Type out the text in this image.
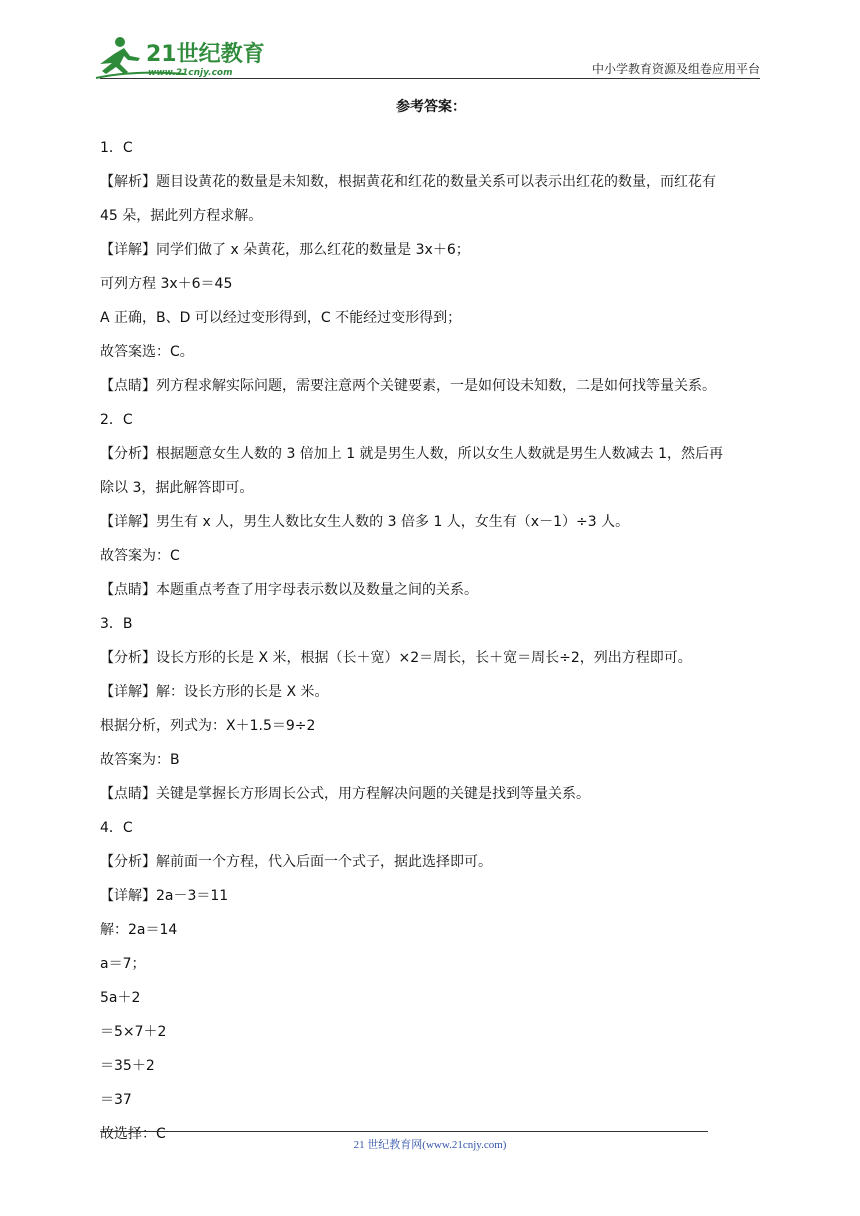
21世纪教育
www.21cnjy.com	中小学教育资源及组卷应用平台

参考答案：

1．C

【解析】题目设黄花的数量是未知数，根据黄花和红花的数量关系可以表示出红花的数量，而红花有

45 朵，据此列方程求解。

【详解】同学们做了 x 朵黄花，那么红花的数量是 3x＋6；

可列方程 3x＋6＝45

A 正确，B、D 可以经过变形得到，C 不能经过变形得到；

故答案选：C。

【点睛】列方程求解实际问题，需要注意两个关键要素，一是如何设未知数，二是如何找等量关系。

2．C

【分析】根据题意女生人数的 3 倍加上 1 就是男生人数，所以女生人数就是男生人数减去 1，然后再

除以 3，据此解答即可。

【详解】男生有 x 人，男生人数比女生人数的 3 倍多 1 人，女生有（x－1）÷3 人。

故答案为：C

【点睛】本题重点考查了用字母表示数以及数量之间的关系。

3．B

【分析】设长方形的长是 X 米，根据（长＋宽）×2＝周长，长＋宽＝周长÷2，列出方程即可。

【详解】解：设长方形的长是 X 米。

根据分析，列式为：X＋1.5＝9÷2

故答案为：B

【点睛】关键是掌握长方形周长公式，用方程解决问题的关键是找到等量关系。

4．C

【分析】解前面一个方程，代入后面一个式子，据此选择即可。

【详解】2a－3＝11

解：2a＝14

a＝7；

5a＋2

＝5×7＋2

＝35＋2

＝37

故选择：C

21 世纪教育网(www.21cnjy.com)
